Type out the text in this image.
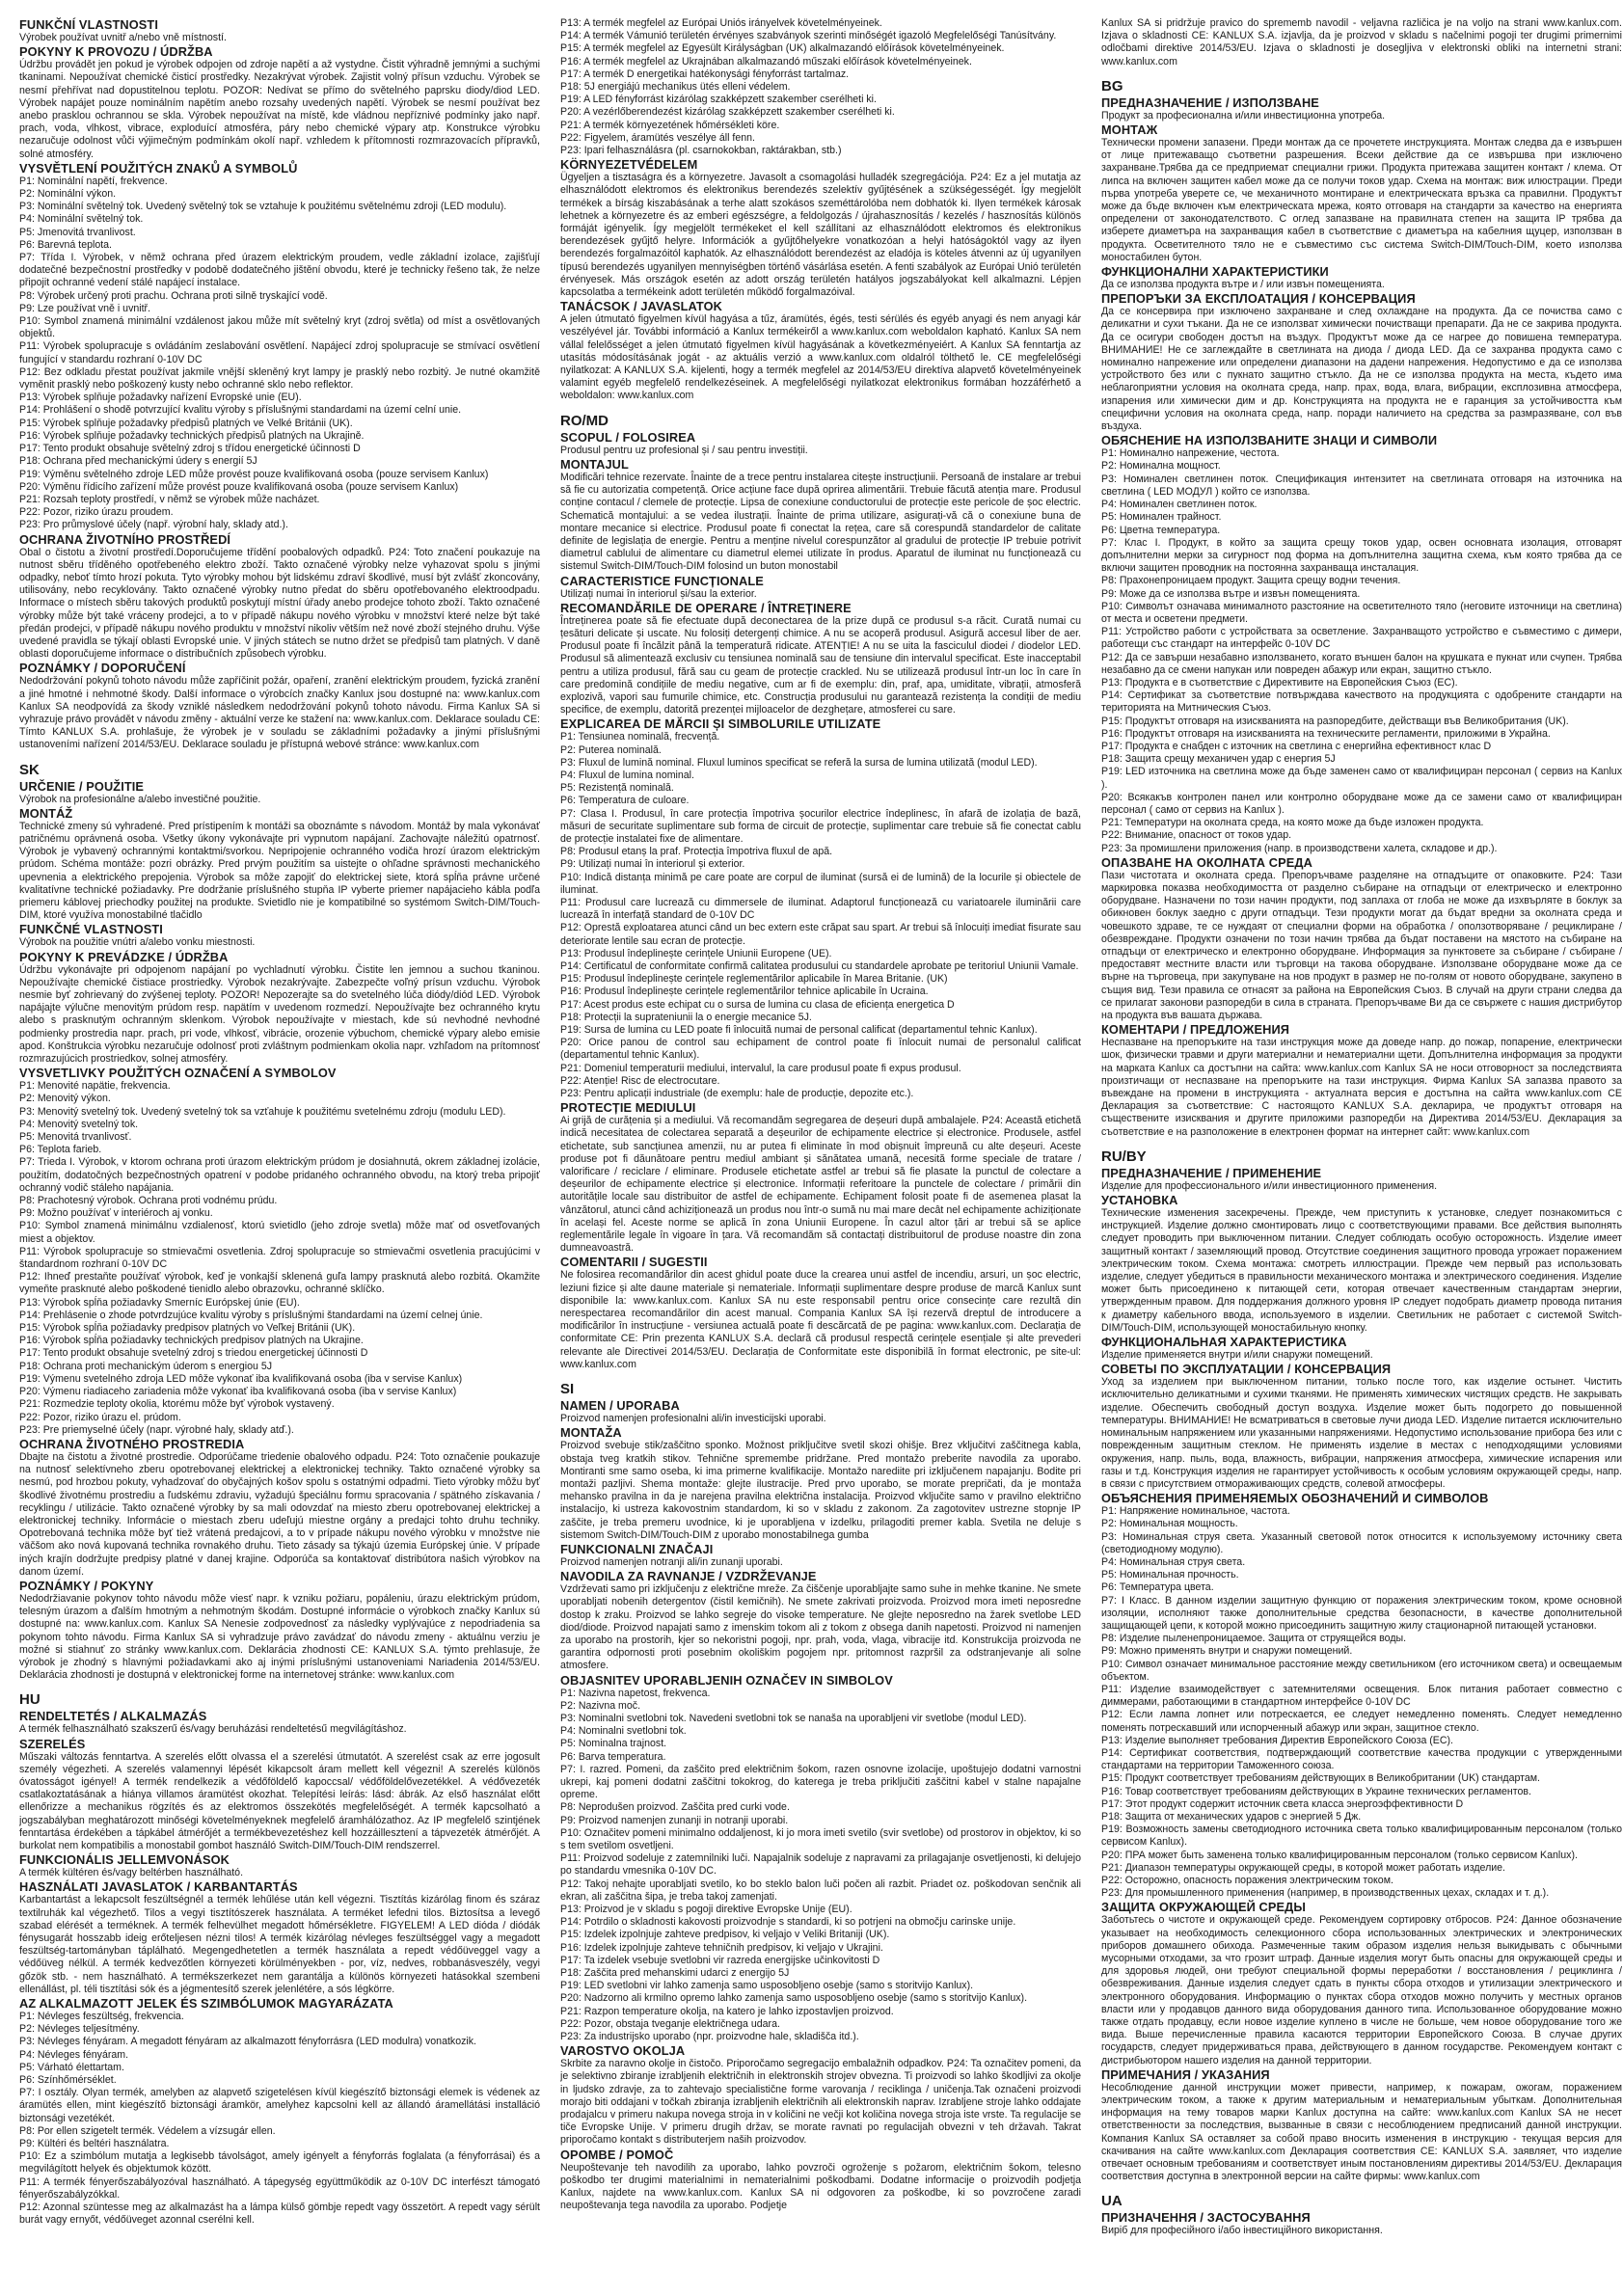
FUNKČNÍ VLASTNOSTI

Výrobek používat uvnitř a/nebo vně místností.

POKYNY K PROVOZU / ÚDRŽBA

Údržbu provádět jen pokud je výrobek odpojen od zdroje napětí a až vystydne. Čistit výhradně jemnými a suchými tkaninami. Nepoužívat chemické čisticí prostředky. Nezakrývat výrobek. Zajistit volný přísun vzduchu. Výrobek se nesmí přehřívat nad dopustitelnou teplotu. POZOR: Nedívat se přímo do světelného paprsku diody/diod LED. Výrobek napájet pouze nominálním napětím anebo rozsahy uvedených napětí. Výrobek se nesmí používat bez anebo prasklou ochrannou se skla. Výrobek nepoužívat na místě, kde vládnou nepříznivé podmínky jako např. prach, voda, vlhkost, vibrace, exploduící atmosféra, páry nebo chemické výpary atp. Konstrukce výrobku nezaručuje odolnost vůči výjimečným podmínkám okolí např. vzhledem k přítomnosti rozmrazovacích přípravků, solné atmosféry.

VYSVĚTLENÍ POUŽITÝCH ZNAKŮ A SYMBOLŮ

P1: Nominální napětí, frekvence.

P2: Nominální výkon.

P3: Nominální světelný tok. Uvedený světelný tok se vztahuje k použitému světelnému zdroji (LED modulu).

P4: Nominální světelný tok.

P5: Jmenovitá trvanlivost.

P6: Barevná teplota.

P7: Třída I. Výrobek, v němž ochrana před úrazem elektrickým proudem, vedle základní izolace, zajišťují dodatečné bezpečnostní prostředky v podobě dodatečného jištění obvodu, které je technicky řešeno tak, že nelze připojit ochranné vedení stálé napájecí instalace.

P8: Výrobek určený proti prachu. Ochrana proti silně tryskající vodě.

P9: Lze používat vně i uvnitř.

P10: Symbol znamená minimální vzdálenost jakou může mít světelný kryt (zdroj světla) od míst a osvětlovaných objektů.

P11: Výrobek spolupracuje s ovládáním zeslabování osvětlení. Napájecí zdroj spolupracuje se stmívací osvětlení fungující v standardu rozhraní 0-10V DC

P12: Bez odkladu přestat používat jakmile vnější skleněný kryt lampy je prasklý nebo rozbitý. Je nutné okamžitě vyměnit prasklý nebo poškozený kusty nebo ochranné sklo nebo reflektor.

P13: Výrobek splňuje požadavky nařízení Evropské unie (EU).

P14: Prohlášení o shodě potvrzující kvalitu výroby s příslušnými standardami na území celní unie.

P15: Výrobek splňuje požadavky předpisů platných ve Velké Británii (UK).

P16: Výrobek splňuje požadavky technických předpisů platných na Ukrajině.

P17: Tento produkt obsahuje světelný zdroj s třídou energetické účinnosti D

P18: Ochrana před mechanickými údery s energií 5J

P19: Výměnu světelného zdroje LED může provést pouze kvalifikovaná osoba (pouze servisem Kanlux)

P20: Výměnu řídicího zařízení může provést pouze kvalifikovaná osoba (pouze servisem Kanlux)

P21: Rozsah teploty prostředí, v němž se výrobek může nacházet.

P22: Pozor, riziko úrazu proudem.

P23: Pro průmyslové účely (např. výrobní haly, sklady atd.).

OCHRANA ŽIVOTNÍHO PROSTŘEDÍ

Obal o čistotu a životní prostředí.Doporučujeme třídění poobalových odpadků. P24: Toto značení poukazuje na nutnost sběru tříděného opotřebeného elektro zboží. Takto označené výrobky nelze vyhazovat spolu s jinými odpadky, neboť tímto hrozí pokuta. Tyto výrobky mohou být lidskému zdraví škodlivé, musí být zvlášť zkoncovány, utilisovány, nebo recyklovány. Takto označené výrobky nutno předat do sběru opotřebovaného elektroodpadu. Informace o místech sběru takových produktů poskytují místní úřady anebo prodejce tohoto zboží. Takto označené výrobky může být také vráceny prodejci, a to v případě nákupu nového výrobku v množství které nelze být také předán prodejci, v případě nákupu nového produktu v množství nikoliv větším než nové zboží stejného druhu. Výše uvedené pravidla se týkají oblasti Evropské unie. V jiných státech se nutno držet se předpisů tam platných. V daně oblasti doporučujeme informace o distribučních způsobech výrobku.

POZNÁMKY / DOPORUČENÍ

Nedodržování pokynů tohoto návodu může zapříčinit požár, opaření, zranění elektrickým proudem, fyzická zranění a jiné hmotné i nehmotné škody. Další informace o výrobcích značky Kanlux jsou dostupné na: www.kanlux.com Kanlux SA neodpovídá za škody vzniklé následkem nedodržování pokynů tohoto návodu. Firma Kanlux SA si vyhrazuje právo provádět v návodu změny - aktuální verze ke stažení na: www.kanlux.com. Deklarace souladu CE: Tímto KANLUX S.A. prohlašuje, že výrobek je v souladu se základními požadavky a jinými příslušnými ustanoveními nařízení 2014/53/EU. Deklarace souladu je přístupná webové stránce: www.kanlux.com

SK
URČENIE / POUŽITIE

Výrobok na profesionálne a/alebo investičné použitie.

MONTÁŽ

Technické zmeny sú vyhradené. Pred prístipením k montáži sa oboznámte s návodom. Montáž by mala vykonávať patričnému oprávnená osoba. Všetky úkony vykonávajte pri vypnutom napájaní. Zachovajte náležitú opatrnosť. Výrobok je vybavený ochrannými kontaktmi/svorkou. Nepripojenie ochranného vodiča hrozí úrazom elektrickým prúdom. Schéma montáže: pozri obrázky. Pred prvým použitím sa uistejte o ohľadne správnosti mechanického upevnenia a elektrického prepojenia. Výrobok sa môže zapojiť do elektrickej siete, ktorá spĺňa právne určené kvalitatívne technické požiadavky. Pre dodržanie príslušného stupňa IP vyberte priemer napájacieho kábla podľa priemeru káblovej priechodky použitej na produkte. Svietidlo nie je kompatibilné so systémom Switch-DIM/Touch-DIM, ktoré využíva monostabilné tlačidlo

FUNKČNÉ VLASTNOSTI

Výrobok na použitie vnútri a/alebo vonku miestnosti.

POKYNY K PREVÁDZKE / ÚDRŽBA

Údržbu vykonávajte pri odpojenom napájaní po vychladnutí výrobku. Čistite len jemnou a suchou tkaninou. Nepoužívajte chemické čistiace prostriedky. Výrobok nezakrývajte. Zabezpečte voľný prísun vzduchu. Výrobok nesmie byť zohrievaný do zvýšenej teploty. POZOR! Nepozerajte sa do svetelného lúča diódy/diód LED. Výrobok napájajte výlučne menovitým prúdom resp. napätím v uvedenom rozmedzí. Nepoužívajte bez ochranného krytu alebo s prasknutým ochranným sklenkom. Výrobok nepoužívajte v miestach, kde sú nevhodné nevhodné podmienky prostredia napr. prach, pri vode, vlhkosť, vibrácie, orozenie výbuchom, chemické výpary alebo emisie apod. Konštrukcia výrobku nezaručuje odolnosť proti zvláštnym podmienkam okolia napr. vzhľadom na prítomnosť rozmrazujúcich prostriedkov, solnej atmosféry.

VYSVETLIVKY POUŽITÝCH OZNAČENÍ A SYMBOLOV

P1: Menovité napätie, frekvencia.

P2: Menovitý výkon.

P3: Menovitý svetelný tok. Uvedený svetelný tok sa vzťahuje k použitému svetelnému zdroju (modulu LED).

P4: Menovitý svetelný tok.

P5: Menovitá trvanlivosť.

P6: Teplota farieb.

P7: Trieda I. Výrobok, v ktorom ochrana proti úrazom elektrickým prúdom je dosiahnutá, okrem základnej izolácie, použitím, dodatočných bezpečnostných opatrení v podobe pridaného ochranného obvodu, na ktorý treba pripojiť ochranný vodič stáleho napájania.

P8: Prachotesný výrobok. Ochrana proti vodnému prúdu.

P9: Možno používať v interiéroch aj vonku.

P10: Symbol znamená minimálnu vzdialenosť, ktorú svietidlo (jeho zdroje svetla) môže mať od osvetľovaných miest a objektov.

P11: Výrobok spolupracuje so stmievačmi osvetlenia. Zdroj spolupracuje so stmievačmi osvetlenia pracujúcimi v štandardnom rozhraní 0-10V DC

P12: Ihneď prestaňte používať výrobok, keď je vonkajší sklenená guľa lampy prasknutá alebo rozbitá. Okamžite vymeňte prasknuté alebo poškodené tienidlo alebo obrazovku, ochranné sklíčko.

P13: Výrobok spĺňa požiadavky Smerníc Európskej únie (EU).

P14: Prehlásenie o zhode potvrdzujúce kvalitu výroby s príslušnými štandardami na území celnej únie.

P15: Výrobok spĺňa požiadavky predpisov platných vo Veľkej Británii (UK).

P16: Výrobok spĺňa požiadavky technických predpisov platných na Ukrajine.

P17: Tento produkt obsahuje svetelný zdroj s triedou energetickej účinnosti D

P18: Ochrana proti mechanickým úderom s energiou 5J

P19: Výmenu svetelného zdroja LED môže vykonať iba kvalifikovaná osoba (iba v servise Kanlux)

P20: Výmenu riadiaceho zariadenia môže vykonať iba kvalifikovaná osoba (iba v servise Kanlux)

P21: Rozmedzie teploty okolia, ktorému môže byť výrobok vystavený.

P22: Pozor, riziko úrazu el. prúdom.

P23: Pre priemyselné účely (napr. výrobné haly, sklady atď.).

OCHRANA ŽIVOTNÉHO PROSTREDIA

Dbajte na čistotu a životné prostredie. Odporúčame triedenie obalového odpadu. P24: Toto označenie poukazuje na nutnosť selektívneho zberu opotrebovanej elektrickej a elektronickej techniky. Takto označené výrobky sa nesmú, pod hrozbou pokuty, vyhadzovať do obyčajných košov spolu s ostatnými odpadmi. Tieto výrobky môžu byť škodlivé životnému prostrediu a ľudskému zdraviu, vyžadujú špeciálnu formu spracovania / spätného získavania / recyklingu / utilizácie. Takto označené výrobky by sa mali odovzdať na miesto zberu opotrebovanej elektrickej a elektronickej techniky. Informácie o miestach zberu udeľujú miestne orgány a predajci tohto druhu techniky. Opotrebovaná technika môže byť tiež vrátená predajcovi, a to v prípade nákupu nového výrobku v množstve nie väčšom ako nová kupovaná technika rovnakého druhu. Tieto zásady sa týkajú územia Európskej únie. V prípade iných krajín dodržujte predpisy platné v danej krajine. Odporúča sa kontaktovať distribútora našich výrobkov na danom území.

POZNÁMKY / POKYNY

Nedodržiavanie pokynov tohto návodu môže viesť napr. k vzniku požiaru, popáleniu, úrazu elektrickým prúdom, telesným úrazom a ďalším hmotným a nehmotným škodám. Dostupné informácie o výrobkoch značky Kanlux sú dostupné na: www.kanlux.com. Kanlux SA Nenesie zodpovednosť za následky vyplývajúce z nepodriadenia sa pokynom tohto návodu. Firma Kanlux SA si vyhradzuje právo zavádzať do návodu zmeny - aktuálnu verziu je možné si stiahnuť zo stránky www.kanlux.com. Deklarácia zhodnosti CE: KANLUX S.A. týmto prehlasuje, že výrobok je zhodný s hlavnými požiadavkami ako aj inými príslušnými ustanoveniami Nariadenia 2014/53/EU. Deklarácia zhodnosti je dostupná v elektronickej forme na internetovej stránke: www.kanlux.com

HU
RENDELTETÉS / ALKALMAZÁS

A termék felhasználható szakszerű és/vagy beruházási rendeltetésű megvilágításhoz.

SZERELÉS

Műszaki változás fenntartva. A szerelés előtt olvassa el a szerelési útmutatót. A szerelést csak az erre jogosult személy végezheti. A szerelés valamennyi lépését kikapcsolt áram mellett kell végezni! A szerelés különös óvatosságot igényel! A termék rendelkezik a védőföldelő kapoccsal/ védőföldelővezetékkel. A védővezeték csatlakoztatásának a hiánya villamos áramütést okozhat. Telepítési leírás: lásd: ábrák. Az első használat előtt ellenőrizze a mechanikus rögzítés és az elektromos összekötés megfelelőségét. A termék kapcsolható a jogszabályban meghatározott minőségi követelményeknek megfelelő áramhálózathoz. Az IP megfelelő szintjének fenntartása érdekében a tápkábel átmérőjét a termékbevezetéshez kell hozzáillesztení a tápvezeték átmérőjét. A burkolat nem kompatibilis a monostabil gombot használó Switch-DIM/Touch-DIM rendszerrel.

FUNKCIONÁLIS JELLEMVONÁSOK

A termék kültéren és/vagy beltérben használható.

HASZNÁLATI JAVASLATOK / KARBANTARTÁS

Karbantartást a lekapcsolt feszültségnél a termék lehűlése után kell végezni. Tisztítás kizárólag finom és száraz textilruhák kal végezhető. Tilos a vegyi tisztítószerek használata. A terméket lefedni tilos. Biztosítsa a levegő szabad elérését a terméknek. A termék felhevülhet megadott hőmérsékletre. FIGYELEM! A LED dióda / diódák fénysugarát hosszabb ideig erőteljesen nézni tilos! A termék kizárólag névleges feszültséggel vagy a megadott feszültség-tartományban táplálható. Megengedhetetlen a termék használata a repedt védőüveggel vagy a védőüveg nélkül. A termék kedvezőtlen környezeti körülményekben - por, víz, nedves, robbanásveszély, vegyi gőzök stb. - nem használható. A termékszerkezet nem garantálja a különös környezeti hatásokkal szembeni ellenállást, pl. téli tisztítási sók és a jégmentesítő szerek jelenlétére, a sós légkörre.

AZ ALKALMAZOTT JELEK ÉS SZIMBÓLUMOK MAGYARÁZATA

P1: Névleges feszültség, frekvencia.

P2: Névleges teljesítmény.

P3: Névleges fényáram. A megadott fényáram az alkalmazott fényforrásra (LED modulra) vonatkozik.

P4: Névleges fényáram.

P5: Várható élettartam.

P6: Színhőmérséklet.

P7: I osztály. Olyan termék, amelyben az alapvető szigetelésen kívül kiegészítő biztonsági elemek is védenek az áramütés ellen, mint kiegészítő biztonsági áramkör, amelyhez kapcsolni kell az állandó áramellátási installáció biztonsági vezetékét.

P8: Por ellen szigetelt termék. Védelem a vízsugár ellen.

P9: Kültéri és beltéri használatra.

P10: Ez a szimbólum mutatja a legkisebb távolságot, amely igényelt a fényforrás foglalata (a fényforrásai) és a megvilágított helyek és objektumok között.

P11: A termék fényerőszabályozóval használható. A tápegység együttműködik az 0-10V DC interfészt támogató fényerőszabályzókkal.

P12: Azonnal szüntesse meg az alkalmazást ha a lámpa külső gömbje repedt vagy összetört. A repedt vagy sérült burát vagy ernyőt, védőüveget azonnal cserélni kell.

P13: A termék megfelel az Európai Uniós irányelvek követelményeinek.

P14: A termék Vámunió területén érvényes szabványok szerinti minőségét igazoló Megfelelőségi Tanúsítvány.

P15: A termék megfelel az Egyesült Királyságban (UK) alkalmazandó előírások követelményeinek.

P16: A termék megfelel az Ukrajnában alkalmazandó műszaki előírások követelményeinek.

P17: A termék D energetikai hatékonysági fényforrást tartalmaz.

P18: 5J energiájú mechanikus ütés elleni védelem.

P19: A LED fényforrást kizárólag szakképzett szakember cserélheti ki.

P20: A vezérlőberendezést kizárólag szakképzett szakember cserélheti ki.

P21: A termék környezetének hőmérsékleti köre.

P22: Figyelem, áramütés veszélye áll fenn.

P23: Ipari felhasználásra (pl. csarnokokban, raktárakban, stb.)

KÖRNYEZETVÉDELEM

Ügyeljen a tisztaságra és a környezetre. Javasolt a csomagolási hulladék szegregációja. P24: Ez a jel mutatja az elhasználódott elektromos és elektronikus berendezés szelektív gyűjtésének a szükségességét. Így megjelölt termékek a bírság kiszabásának a terhe alatt szokásos szeméttárolóba nem dobhatók ki. Ilyen termékek károsak lehetnek a környezetre és az emberi egészségre, a feldolgozás / újrahasznosítás / kezelés / hasznosítás különös formáját igényelik. Így megjelölt termékeket el kell szállítani az elhasználódott elektromos és elektronikus berendezések gyűjtő helyre. Információk a gyűjtőhelyekre vonatkozóan a helyi hatóságoktól vagy az ilyen berendezés forgalmazóitól kaphatók. Az elhasználódott berendezést az eladója is köteles átvenni az új ugyanilyen típusú berendezés ugyanilyen mennyiségben történő vásárlása esetén. A fenti szabályok az Európai Unió területén érvényesek. Más országok esetén az adott ország területén hatályos jogszabályokat kell alkalmazni. Lépjen kapcsolatba a termékeink adott területén működő forgalmazóival.

TANÁCSOK / JAVASLATOK

A jelen útmutató figyelmen kívül hagyása a tűz, áramütés, égés, testi sérülés és egyéb anyagi és nem anyagi kár veszélyével jár. További információ a Kanlux termékeiről a www.kanlux.com weboldalon kapható. Kanlux SA nem vállal felelősséget a jelen útmutató figyelmen kívül hagyásának a következményeiért. A Kanlux SA fenntartja az utasítás módosításának jogát - az aktuális verzió a www.kanlux.com oldalról tölthető le. CE megfelelőségi nyilatkozat: A KANLUX S.A. kijelenti, hogy a termék megfelel az 2014/53/EU direktíva alapvető követelményeinek valamint egyéb megfelelő rendelkezéseinek. A megfelelőségi nyilatkozat elektronikus formában hozzáférhető a weboldalon: www.kanlux.com

RO/MD
SCOPUL / FOLOSIREA

Produsul pentru uz profesional și / sau pentru investiții.

MONTAJUL

Modificări tehnice rezervate. Înainte de a trece pentru instalarea citește instrucțiunii. Persoană de instalare ar trebui să fie cu autorizatia competență. Orice acțiune face după oprirea alimentării. Trebuie făcută atenția mare. Produsul conține contacul / clemele de protecție. Lipsa de conexiune conductorului de protecție este pericole de șoc electric. Schematică montajului: a se vedea ilustrații. Înainte de prima utilizare, asigurați-vă că o conexiune buna de montare mecanice si electrice. Produsul poate fi conectat la rețea, care să corespundă standardelor de calitate definite de legislația de energie. Pentru a menține nivelul corespunzător al gradului de protecție IP trebuie potrivit diametrul cablului de alimentare cu diametrul elemei utilizate în produs. Aparatul de iluminat nu funcționează cu sistemul Switch-DIM/Touch-DIM folosind un buton monostabil

CARACTERISTICE FUNCȚIONALE

Utilizați numai în interiorul și/sau la exterior.

RECOMANDĂRILE DE OPERARE / ÎNTREȚINERE

Întreținerea poate să fie efectuate după deconectarea de la prize după ce produsul s-a răcit. Curată numai cu țesături delicate și uscate. Nu folosiți detergenți chimice. A nu se acoperă produsul. Asigură accesul liber de aer. Produsul poate fi încălzit până la temperatură ridicate. ATENȚIE! A nu se uita la fasciculul diodei / diodelor LED. Produsul să alimentează exclusiv cu tensiunea nominală sau de tensiune din intervalul specificat. Este inacceptabil pentru a utiliza produsul, fără sau cu geam de protecție crackled. Nu se utilizează produsul într-un loc în care în care predomină condițiile de mediu negative, cum ar fi de exemplu: din, praf, apa, umiditate, vibrații, atmosferă explozivă, vapori sau fumurile chimice, etc. Construcția produsului nu garantează rezistența la condiții de mediu specifice, de exemplu, datorită prezenței mijloacelor de dezghețare, atmosferei cu sare.

EXPLICAREA DE MĂRCII ȘI SIMBOLURILE UTILIZATE

P1: Tensiunea nominală, frecvență.

P2: Puterea nominală.

P3: Fluxul de lumină nominal. Fluxul luminos specificat se referă la sursa de lumina utilizată (modul LED).

P4: Fluxul de lumina nominal.

P5: Rezistență nominală.

P6: Temperatura de culoare.

P7: Clasa I. Produsul, în care protecția împotriva șocurilor electrice îndeplinesc, în afară de izolația de bază, măsuri de securitate suplimentare sub forma de circuit de protecție, suplimentar care trebuie să fie conectat cablu de protecție instalatei fixe de alimentare.

P8: Produsul etanș la praf. Protecția împotriva fluxul de apă.

P9: Utilizați numai în interiorul și exterior.

P10: Indică distanța minimă pe care poate are corpul de iluminat (sursă ei de lumină) de la locurile și obiectele de iluminat.

P11: Produsul care lucrează cu dimmersele de iluminat. Adaptorul funcționează cu variatoarele iluminării care lucrează în interfață standard de 0-10V DC

P12: Oprestă exploatarea atunci când un bec extern este crăpat sau spart. Ar trebui să înlocuiți imediat fisurate sau deteriorate lentile sau ecran de protecție.

P13: Produsul îndeplinește cerințele Uniunii Europene (UE).

P14: Certificatul de conformitate confirmă calitatea produsului cu standardele aprobate pe teritoriul Uniunii Vamale.

P15: Produsul îndeplinește cerințele reglementărilor aplicabile în Marea Britanie. (UK)

P16: Produsul îndeplinește cerințele reglementărilor tehnice aplicabile în Ucraina.

P17: Acest produs este echipat cu o sursa de lumina cu clasa de eficiența energetica D

P18: Protecții la suprateniunii la o energie mecanice 5J.

P19: Sursa de lumina cu LED poate fi înlocuită numai de personal calificat (departamentul tehnic Kanlux).

P20: Orice panou de control sau echipament de control poate fi înlocuit numai de personalul calificat (departamentul tehnic Kanlux).

P21: Domeniul temperaturii mediului, intervalul, la care produsul poate fi expus produsul.

P22: Atenție! Risc de electrocutare.

P23: Pentru aplicații industriale (de exemplu: hale de producție, depozite etc.).

PROTECȚIE MEDIULUI

Ai grijă de curățenia și a mediului. Vă recomandăm segregarea de deșeuri după ambalajele. P24: Această etichetă indică necesitatea de colectarea separată a deșeurilor de echipamente electrice și electronice. Produsele, astfel etichetate, sub sancțiunea amenzii, nu ar putea fi eliminate în mod obișnuit împreună cu alte deșeuri. Aceste produse pot fi dăunătoare pentru mediul ambiant și sănătatea umană, necesită forme speciale de tratare / valorificare / reciclare / eliminare. Produsele etichetate astfel ar trebui să fie plasate la punctul de colectare a deșeurilor de echipamente electrice și electronice. Informații referitoare la punctele de colectare / primării din autoritățile locale sau distribuitor de astfel de echipamente. Echipament folosit poate fi de asemenea plasat la vânzătorul, atunci când achiziționează un produs nou într-o sumă nu mai mare decât nel echipamente achiziționate în același fel. Aceste norme se aplică în zona Uniunii Europene. În cazul altor țări ar trebui să se aplice reglementările legale în vigoare în țara. Vă recomandăm să contactați distribuitorul de produse noastre din zona dumneavoastră.

COMENTARII / SUGESTII

Ne folosirea recomandărilor din acest ghidul poate duce la crearea unui astfel de incendiu, arsuri, un șoc electric, leziuni fizice și alte daune materiale și nemateriale. Informații suplimentare despre produse de marcă Kanlux sunt disponibile la: www.kanlux.com. Kanlux SA nu este responsabil pentru orice consecințe care rezultă din nerespectarea recomandărilor din acest manual. Compania Kanlux SA își rezervă dreptul de introducere a modificărilor în instrucțiune - versiunea actuală poate fi descărcată de pe pagina: www.kanlux.com. Declarația de conformitate CE: Prin prezenta KANLUX S.A. declară că produsul respectă cerințele esențiale și alte prevederi relevante ale Directivei 2014/53/EU. Declarația de Conformitate este disponibilă în format electronic, pe site-ul: www.kanlux.com

SI
NAMEN / UPORABA

Proizvod namenjen profesionalni ali/in investicijski uporabi.

MONTAŽA

Proizvod svebuje stik/zaščitno sponko. Možnost priključitve svetil skozi ohišje. Brez vključitvi zaščitnega kabla, obstaja tveg kratkih stikov. Tehnične spremembe pridržane. Pred montažo preberite navodila za uporabo. Montiranti sme samo oseba, ki ima primerne kvalifikacije. Montažo narediite pri izključenem napajanju. Bodite pri montaži pazljivi. Shema montaže: glejte ilustracije. Pred prvo uporabo, se morate prepričati, da je montaža mehansko pravilna in da je narejena pravilna električna instalacija. Proizvod vključite samo v pravilno električno instalacijo, ki ustreza kakovostnim standardom, ki so v skladu z zakonom. Za zagotovitev ustrezne stopnje IP zaščite, je treba premeru uvodnice, ki je uporabljena v izdelku, prilagoditi premer kabla. Svetila ne deluje s sistemom Switch-DIM/Touch-DIM z uporabo monostabilnega gumba

FUNKCIONALNI ZNAČAJI

Proizvod namenjen notranji ali/in zunanji uporabi.

NAVODILA ZA RAVNANJE / VZDRŽEVANJE

Vzdrževati samo pri izključenju z električne mreže. Za čiščenje uporabljajte samo suhe in mehke tkanine. Ne smete uporabljati nobenih detergentov (čistil kemičnih). Ne smete zakrivati proizvoda. Proizvod mora imeti neposredne dostop k zraku. Proizvod se lahko segreje do visoke temperature. Ne glejte neposredno na žarek svetlobe LED diod/diode. Proizvod napajati samo z imenskim tokom ali z tokom z obsega danih napetosti. Proizvod ni namenjen za uporabo na prostorih, kjer so nekoristni pogoji, npr. prah, voda, vlaga, vibracije itd. Konstrukcija proizvoda ne garantira odpornosti proti posebnim okoliškim pogojem npr. pritomnost razpršil za odstranjevanje ali solne atmosfere.

OBJASNITEV UPORABLJENIH OZNAČEV IN SIMBOLOV

P1: Nazivna napetost, frekvenca.

P2: Nazivna moč.

P3: Nominalni svetlobni tok. Navedeni svetlobni tok se nanaša na uporabljeni vir svetlobe (modul LED).

P4: Nominalni svetlobni tok.

P5: Nominalna trajnost.

P6: Barva temperatura.

P7: I. razred. Pomeni, da zaščito pred električnim šokom, razen osnovne izolacije, upoštujejo dodatni varnostni ukrepi, kaj pomeni dodatni zaščitni tokokrog, do katerega je treba priključiti zaščitni kabel v stalne napajalne opreme.

P8: Neprodušen proizvod. Zaščita pred curki vode.

P9: Proizvod namenjen zunanji in notranji uporabi.

P10: Označitev pomeni minimalno oddaljenost, ki jo mora imeti svetilo (svir svetlobe) od prostorov in objektov, ki so s tem svetilom osvetljeni.

P11: Proizvod sodeluje z zatemnilniki luči. Napajalnik sodeluje z napravami za prilagajanje osvetljenosti, ki delujejo po standardu vmesnika 0-10V DC.

P12: Takoj nehajte uporabljati svetilo, ko bo steklo balon luči počen ali razbit. Priadet oz. poškodovan senčnik ali ekran, ali zaščitna šipa, je treba takoj zamenjati.

P13: Proizvod je v skladu s pogoji direktive Evropske Unije (EU).

P14: Potrdilo o skladnosti kakovosti proizvodnje s standardi, ki so potrjeni na območju carinske unije.

P15: Izdelek izpolnjuje zahteve predpisov, ki veljajo v Veliki Britaniji (UK).

P16: Izdelek izpolnjuje zahteve tehničnih predpisov, ki veljajo v Ukrajini.

P17: Ta izdelek vsebuje svetlobni vir razreda energijske učinkovitosti D

P18: Zaščita pred mehanskimi udarci z energijo 5J

P19: LED svetlobni vir lahko zamenja samo usposobljeno osebje (samo s storitvijo Kanlux).

P20: Nadzorno ali krmilno opremo lahko zamenja samo usposobljeno osebje (samo s storitvijo Kanlux).

P21: Razpon temperature okolja, na katero je lahko izpostavljen proizvod.

P22: Pozor, obstaja tveganje električnega udara.

P23: Za industrijsko uporabo (npr. proizvodne hale, skladišča itd.).

VAROSTVO OKOLJA

Skrbite za naravno okolje in čistočo. Priporočamo segregacijo embalažnih odpadkov. P24: Ta označitev pomeni, da je selektivno zbiranje izrabljenih električnih in elektronskih strojev obvezna. Ti proizvodi so lahko škodljivi za okolje in ljudsko zdravje, za to zahtevajo specialistične forme varovanja / reciklinga / uničenja.Tak označeni proizvodi morajo biti oddajani v točkah zbiranja izrabljenih električnih ali elektronskih naprav. Izrabljene stroje lahko oddajate prodajalcu v primeru nakupa novega stroja in v količini ne večji kot količina novega stroja iste vrste. Ta regulacije se tiče Evropske Unije. V primeru drugih držav, se morate ravnati po regulacijah obvezni v teh državah. Takrat priporočamo kontakt s distributerjem naših proizvodov.

OPOMBE / POMOČ

Neupoštevanje teh navodilih za uporabo, lahko povzroči ogroženje s požarom, električnim šokom, telesno poškodbo ter drugimi materialnimi in nematerialnimi poškodbami. Dodatne informacije o proizvodih podjetja Kanlux, najdete na www.kanlux.com. Kanlux SA ni odgovoren za poškodbe, ki so povzročene zaradi neupoštevanja tega navodila za uporabo. Podjetje

Kanlux SA si pridržuje pravico do sprememb navodil - veljavna različica je na voljo na strani www.kanlux.com. Izjava o skladnosti CE: KANLUX S.A. izjavlja, da je proizvod v skladu s načelnimi pogoji ter drugimi primernimi odločbami direktive 2014/53/EU. Izjava o skladnosti je dosegljiva v elektronski obliki na internetni strani: www.kanlux.com

BG
ПРЕДНАЗНАЧЕНИЕ / ИЗПОЛЗВАНЕ

Продукт за професионална и/или инвестиционна употреба.

МОНТАЖ

Технически промени запазени. Преди монтаж да се прочетете инструкцията. Монтаж следва да е извършен от лице притежаващо съответни разрешения. Всеки действие да се извършва при изключено захранване.Трябва да се предприемат специални грижи. Продукта притежава защитен контакт / клема. От липса на включен защитен кабел може да се получи токов удар. Схема на монтаж: виж илюстрации. Преди първа употреба уверете се, че механичното монтиране и електрическата връзка са правилни. Продуктът може да бъде включен към електрическата мрежа, която отговаря на стандарти за качество на енергията определени от законодателството. С оглед запазване на правилната степен на защита IP трябва да изберете диаметъра на захранващия кабел в съответствие с диаметъра на кабелния щуцер, използван в продукта. Осветителното тяло не е съвместимо със система Switch-DIM/Touch-DIM, което използва моностабилен бутон.

ФУНКЦИОНАЛНИ ХАРАКТЕРИСТИКИ

Да се използва продукта вътре и / или извън помещенията.

ПРЕПОРЪКИ ЗА ЕКСПЛОАТАЦИЯ / КОНСЕРВАЦИЯ

Да се консервира при изключено захранване и след охлаждане на продукта. Да се почиства само с деликатни и сухи тъкани. Да не се използват химически почистващи препарати. Да не се закрива продукта. Да се осигури свободен достъп на въздух. Продуктът може да се нагрее до повишена температура. ВНИМАНИЕ! Не се заглеждайте в светлината на диода / диода LED. Да се захранва продукта само с номинално напрежение или определени диапазони на дадени напрежения. Недопустимо е да се използва устройството без или с пукнато защитно стъкло. Да не се използва продукта на места, където има неблагоприятни условия на околната среда, напр. прах, вода, влага, вибрации, експлозивна атмосфера, изпарения или химически дим и др. Конструкцията на продукта не е гаранция за устойчивостта към специфични условия на околната среда, напр. поради наличието на средства за размразяване, сол във въздуха.

ОБЯСНЕНИЕ НА ИЗПОЛЗВАНИТЕ ЗНАЦИ И СИМВОЛИ

P1: Номинално напрежение, честота.

P2: Номинална мощност.

P3: Номинален светлинен поток. Спецификация интензитет на светлината отговаря на източника на светлина ( LED МОДУЛ ) който се използва.

P4: Номинален светлинен поток.

P5: Номинален трайност.

P6: Цветна температура.

P7: Клас I. Продукт, в който за защита срещу токов удар, освен основната изолация, отговарят допълнителни мерки за сигурност под форма на допълнителна защитна схема, към която трябва да се включи защитен проводник на постоянна захранваща инсталация.

P8: Прахонепроницаем продукт. Защита срещу водни течения.

P9: Може да се използва вътре и извън помещенията.

P10: Символът означава минималното разстояние на осветителното тяло (неговите източници на светлина) от места и осветени предмети.

P11: Устройство работи с устройствата за осветление. Захранващото устройство е съвместимо с димери, работещи със стандарт на интерфейс 0-10V DC

P12: Да се завърши незабавно използването, когато външен балон на крушката е пукнат или счупен. Трябва незабавно да се смени напукан или повреден абажур или екран, защитно стъкло.

P13: Продукта е в съответствие с Директивите на Европейския Съюз (ЕС).

P14: Сертификат за съответствие потвърждава качеството на продукцията с одобрените стандарти на територията на Митническия Съюз.

P15: Продуктът отговаря на изискванията на разпоредбите, действащи във Великобритания (UK).

P16: Продуктът отговаря на изискванията на техническите регламенти, приложими в Украйна.

P17: Продукта е снабден с източник на светлина с енергийна ефективност клас D

P18: Защита срещу механичен удар с енергия 5J

P19: LED източника на светлина може да бъде заменен само от квалифициран персонал ( сервиз на Kanlux ).

P20: Всякакъв контролен панел или контролно оборудване може да се замени само от квалифициран персонал ( само от сервиз на Kanlux ).

P21: Температури на околната среда, на която може да бъде изложен продукта.

P22: Внимание, опасност от токов удар.

P23: За промишлени приложения (напр. в производствени халета, складове и др.).

ОПАЗВАНЕ НА ОКОЛНАТА СРЕДА

Пази чистотата и околната среда. Препоръчваме разделяне на отпадъците от опаковките. P24: Тази маркировка показва необходимостта от разделно събиране на отпадъци от електрическо и електронно оборудване. Назначени по този начин продукти, под заплаха от глоба не може да изхвърляте в боклук за обикновен боклук заедно с други отпадъци. Тези продукти могат да бъдат вредни за околната среда и човешкото здраве, те се нуждаят от специални форми на обработка / оползотворяване / рециклиране / обезвреждане. Продукти означени по този начин трябва да бъдат поставени на мястото на събиране на отпадъци от електрическо и електронно оборудване. Информация за пунктовете за събиране / събиране / предоставят местните власти или търговци на такова оборудване. Използване оборудване може да се върне на търговеца, при закупуване на нов продукт в размер не по-голям от новото оборудване, закупено в същия вид. Тези правила се отнасят за района на Европейския Съюз. В случай на други страни следва да се прилагат законови разпоредби в сила в страната. Препоръчваме Ви да се свържете с нашия дистрибутор на продукта във вашата държава.

КОМЕНТАРИ / ПРЕДЛОЖЕНИЯ

Неспазване на препоръките на тази инструкция може да доведе напр. до пожар, попарение, електрически шок, физически травми и други материални и нематериални щети. Допълнителна информация за продукти на марката Kanlux са достъпни на сайта: www.kanlux.com Kanlux SA не носи отговорност за последствията произтичащи от неспазване на препоръките на тази инструкция. Фирма Kanlux SA запазва правото за въвеждане на промени в инструкцията - актуалната версия е достъпна на сайта www.kanlux.com CE Декларация за съответствие: С настоящото KANLUX S.A. декларира, че продуктът отговаря на съществените изисквания и другите приложими разпоредби на Директива 2014/53/EU. Декларация за съответствие е на разположение в електронен формат на интернет сайт: www.kanlux.com

RU/BY
ПРЕДНАЗНАЧЕНИЕ / ПРИМЕНЕНИЕ

Изделие для профессионального и/или инвестиционного применения.

УСТАНОВКА

Технические изменения засекречены. Прежде, чем приступить к установке, следует познакомиться с инструкцией. Изделие должно смонтировать лицо с соответствующими правами. Все действия выполнять следует проводить при выключенном питании. Следует соблюдать особую осторожность. Изделие имеет защитный контакт / заземляющий провод. Отсутствие соединения защитного провода угрожает поражением электрическим током. Схема монтажа: смотреть иллюстрации. Прежде чем первый раз использовать изделие, следует убедиться в правильности механического монтажа и электрического соединения. Изделие может быть присоединено к питающей сети, которая отвечает качественным стандартам энергии, утвержденным правом. Для поддержания должного уровня IP следует подобрать диаметр провода питания к диаметру кабельного ввода, используемого в изделии. Светильник не работает с системой Switch-DIM/Touch-DIM, использующей моностабильную кнопку.

ФУНКЦИОНАЛЬНАЯ ХАРАКТЕРИСТИКА

Изделие применяется внутри и/или снаружи помещений.

СОВЕТЫ ПО ЭКСПЛУАТАЦИИ / КОНСЕРВАЦИЯ

Уход за изделием при выключенном питании, только после того, как изделие остынет. Чистить исключительно деликатными и сухими тканями. Не применять химических чистящих средств. Не закрывать изделие. Обеспечить свободный доступ воздуха. Изделие может быть подогрето до повышенной температуры. ВНИМАНИЕ! Не всматриваться в световые лучи диода LED. Изделие питается исключительно номинальным напряжением или указанными напряжениями. Недопустимо использование прибора без или с поврежденным защитным стеклом. Не применять изделие в местах с неподходящими условиями окружения, напр. пыль, вода, влажность, вибрации, напряжения атмосфера, химические испарения или газы и т.д. Конструкция изделия не гарантирует устойчивость к особым условиям окружающей среды, напр. в связи с присутствием отмораживающих средств, солевой атмосферы.

ОБЪЯСНЕНИЯ ПРИМЕНЯЕМЫХ ОБОЗНАЧЕНИЙ И СИМВОЛОВ

P1: Напряжение номинальное, частота.

P2: Номинальная мощность.

P3: Номинальная струя света. Указанный световой поток относится к используемому источнику света (светодиодному модулю).

P4: Номинальная струя света.

P5: Номинальная прочность.

P6: Температура цвета.

P7: I Класс. В данном изделии защитную функцию от поражения электрическим током, кроме основной изоляции, исполняют также дополнительные средства безопасности, в качестве дополнительной защищающей цепи, к которой можно присоединить защитную жилу стационарной питающей установки.

P8: Изделие пыленепроницаемое. Защита от струящейся воды.

P9: Можно применять внутри и снаружи помещений.

P10: Символ означает минимальное расстояние между светильником (его источником света) и освещаемым объектом.

P11: Изделие взаимодействует с затемнителями освещения. Блок питания работает совместно с диммерами, работающими в стандартном интерфейсе 0-10V DC

P12: Если лампа лопнет или потрескается, ее следует немедленно поменять. Следует немедленно поменять потрескавший или испорченный абажур или экран, защитное стекло.

P13: Изделие выполняет требования Директив Европейского Союза (ЕС).

P14: Сертификат соответствия, подтверждающий соответствие качества продукции с утвержденными стандартами на территории Таможенного союза.

P15: Продукт соответствует требованиям действующих в Великобритании (UK) стандартам.

P16: Товар соответствует требованиям действующих в Украине технических регламентов.

P17: Этот продукт содержит источник света класса энергоэффективности D

P18: Защита от механических ударов с энергией 5 Дж.

P19: Возможность замены светодиодного источника света только квалифицированным персоналом (только сервисом Kanlux).

P20: ПРА может быть заменена только квалифицированным персоналом (только сервисом Kanlux).

P21: Диапазон температуры окружающей среды, в которой может работать изделие.

P22: Осторожно, опасность поражения электрическим током.

P23: Для промышленного применения (например, в производственных цехах, складах и т. д.).

ЗАЩИТА ОКРУЖАЮЩЕЙ СРЕДЫ

Заботьтесь о чистоте и окружающей среде. Рекомендуем сортировку отбросов. P24: Данное обозначение указывает на необходимость селекционного сбора использованных электрических и электронических приборов домашнего обихода. Размеченные таким образом изделия нельзя выкидывать с обычными мусорными отходами, за что грозит штраф. Данные изделия могут быть опасны для окружающей среды и для здоровья людей, они требуют специальной формы переработки / восстановления / рециклинга / обезвреживания. Данные изделия следует сдать в пункты сбора отходов и утилизации электрического и электронного оборудования. Информацию о пунктах сбора отходов можно получить у местных органов власти или у продавцов данного вида оборудования данного типа. Использованное оборудование можно также отдать продавцу, если новое изделие куплено в числе не больше, чем новое оборудование того же вида. Выше перечисленные правила касаются территории Европейского Союза. В случае других государств, следует придерживаться права, действующего в данном государстве. Рекомендуем контакт с дистрибьютором нашего изделия на данной территории.

ПРИМЕЧАНИЯ / УКАЗАНИЯ

Несоблюдение данной инструкции может привести, например, к пожарам, ожогам, поражением электрическим током, а также к другим материальным и нематериальным убыткам. Дополнительная информация на тему товаров марки Kanlux доступна на сайте: www.kanlux.com Kanlux SA не несет ответственности за последствия, вызванные в связи с несоблюдением предписаний данной инструкции. Компания Kanlux SA оставляет за собой право вносить изменения в инструкцию - текущая версия для скачивания на сайте www.kanlux.com Декларация соответствия CE: KANLUX S.A. заявляет, что изделие отвечает основным требованиям и соответствует иным постановлениям директивы 2014/53/EU. Декларация соответствия доступна в электронной версии на сайте фирмы: www.kanlux.com

UA
ПРИЗНАЧЕННЯ / ЗАСТОСУВАННЯ

Виріб для професійного і/або інвестиційного використання.
